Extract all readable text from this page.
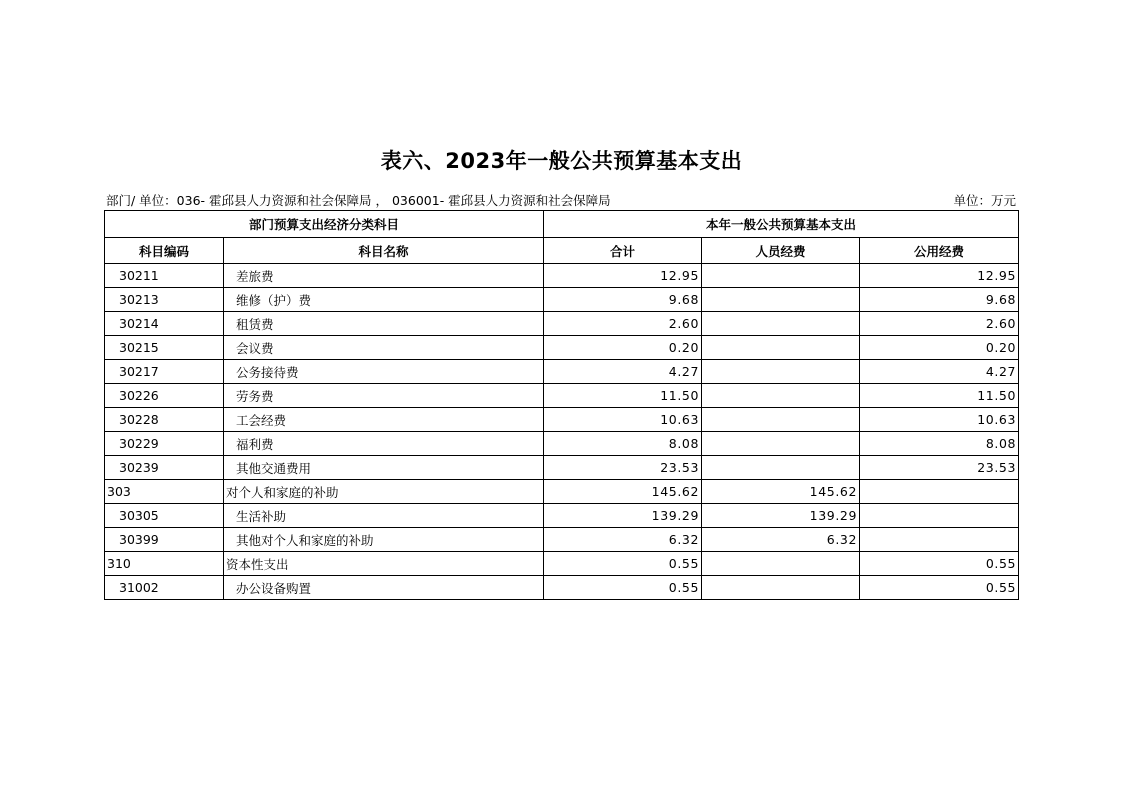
表六、2023年一般公共预算基本支出
部门/ 单位：036- 霍邱县人力资源和社会保障局 ， 036001- 霍邱县人力资源和社会保障局	单位：万元
部门预算支出经济分类科目		本年一般公共预算基本支出		
科目编码	科目名称	合计	人员经费	公用经费
30211	差旅费	12.95		12.95
30213	维修（护）费	9.68		9.68
30214	租赁费	2.60		2.60
30215	会议费	0.20		0.20
30217	公务接待费	4.27		4.27
30226	劳务费	11.50		11.50
30228	工会经费	10.63		10.63
30229	福利费	8.08		8.08
30239	其他交通费用	23.53		23.53
303	对个人和家庭的补助	145.62	145.62	
30305	生活补助	139.29	139.29	
30399	其他对个人和家庭的补助	6.32	6.32	
310	资本性支出	0.55		0.55
31002	办公设备购置	0.55		0.55
